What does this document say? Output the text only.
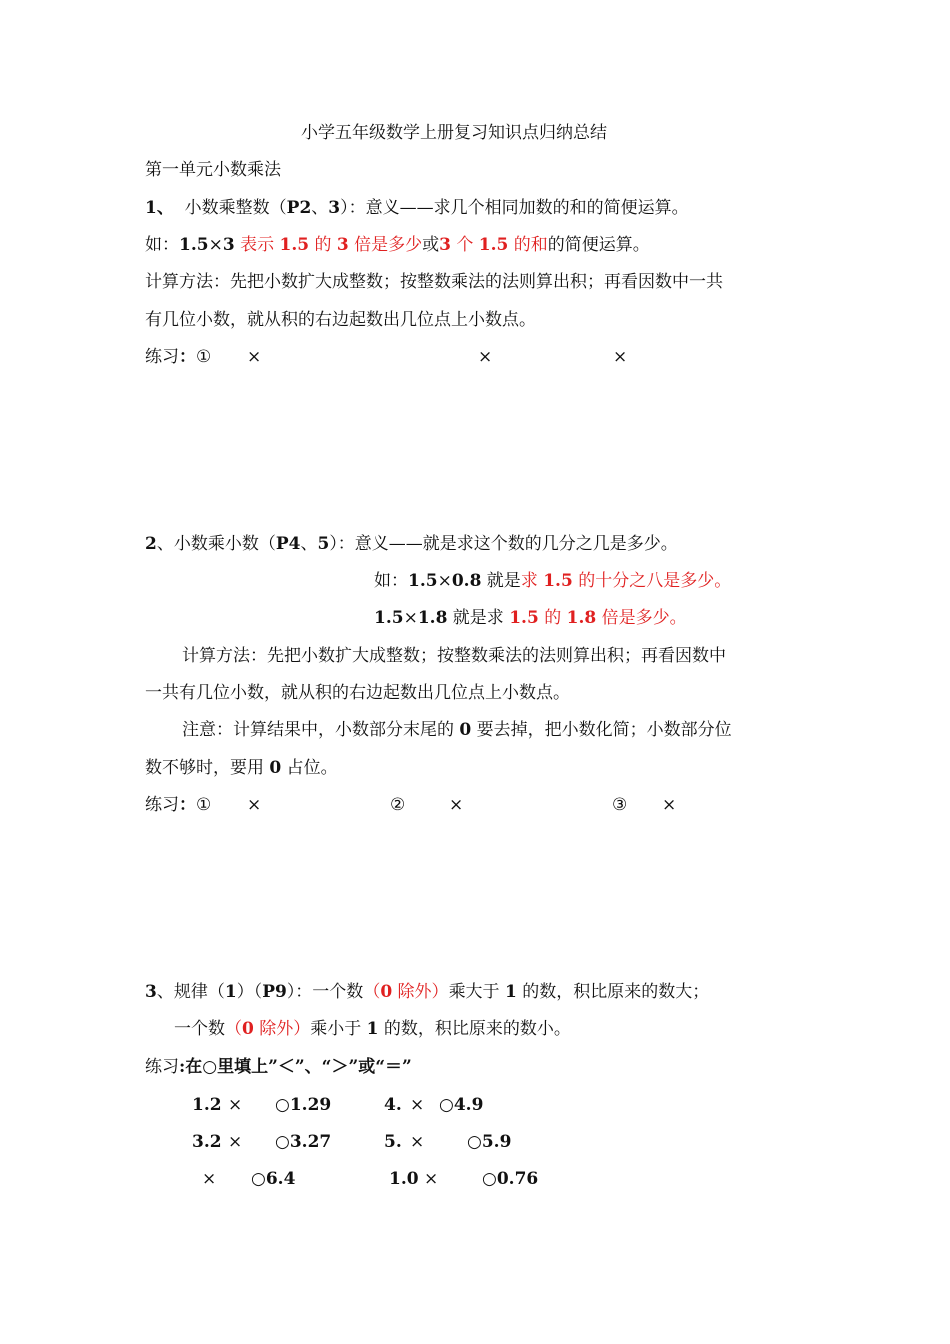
小学五年级数学上册复习知识点归纳总结
第一单元小数乘法
1、 小数乘整数（P2、3）：意义——求几个相同加数的和的简便运算。
如：1.5×3 表示 1.5 的 3 倍是多少或3 个 1.5 的和的简便运算。
计算方法：先把小数扩大成整数；按整数乘法的法则算出积；再看因数中一共
有几位小数，就从积的右边起数出几位点上小数点。
练习：① ×	×	×
2、小数乘小数（P4、5）：意义——就是求这个数的几分之几是多少。
如：1.5×0.8 就是求 1.5 的十分之八是多少。
1.5×1.8 就是求 1.5 的 1.8 倍是多少。
计算方法：先把小数扩大成整数；按整数乘法的法则算出积；再看因数中
一共有几位小数，就从积的右边起数出几位点上小数点。
注意：计算结果中，小数部分末尾的 0 要去掉，把小数化简；小数部分位
数不够时，要用 0 占位。
练习：① ×	②	×	③ ×
3、规律（1）（P9）：一个数（0 除外）乘大于 1 的数，积比原来的数大；
一个数（0 除外）乘小于 1 的数，积比原来的数小。
练习:在○里填上”＜”、“＞”或“＝”
1.2 × ○1.29	4. × ○4.9
3.2 × ○3.27	5. ×	○5.9
× ○6.4	1.0 ×	○0.76
